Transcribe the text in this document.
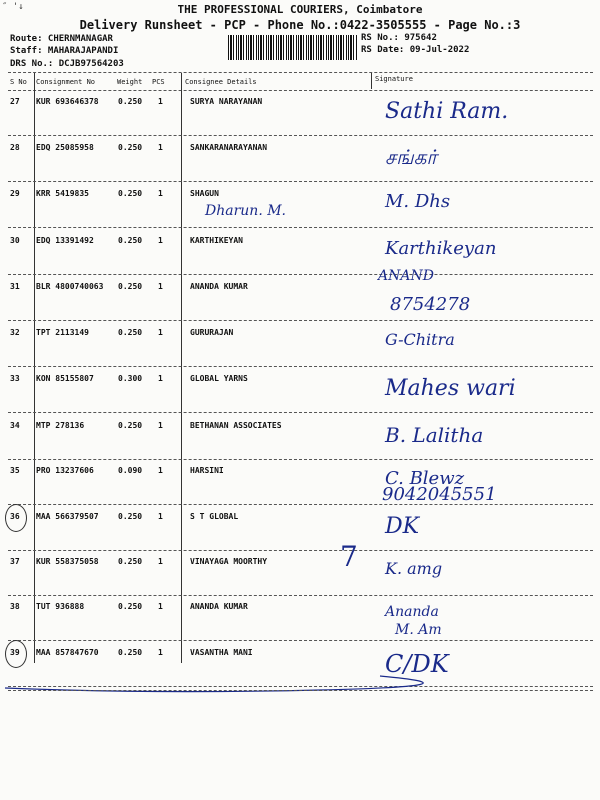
″ '↓	THE PROFESSIONAL COURIERS, Coimbatore
Delivery Runsheet - PCP - Phone No.:0422-3505555 - Page No.:3
Route: CHERNMANAGAR
Staff: MAHARAJAPANDI
DRS No.: DCJB97564203
RS No.: 975642
RS Date: 09-Jul-2022
S No Consignment No	Weight PCS	Consignee Details	Signature
27 KUR 693646378 0.250 1	SURYA NARAYANAN	Sathi Ram.
28 EDQ 25085958	0.250 1	SANKARANARAYANAN	சங்கர்
29 KRR 5419835	0.250 1	SHAGUN	M. Dhs
Dharun. M.
30 EDQ 13391492	0.250 1	KARTHIKEYAN	Karthikeyan
31 BLR 4800740063 0.250 1	ANANDA KUMAR
ANAND
8754278
32 TPT 2113149	0.250 1	GURURAJAN	G-Chitra
33 KON 85155807	0.300 1	GLOBAL YARNS	Mahes wari
34 MTP 278136	0.250 1	BETHANAN ASSOCIATES	B. Lalitha
35 PRO 13237606	0.090 1	HARSINI	C. Blewz
9042045551
36 MAA 566379507 0.250 1	S T GLOBAL	DK
37 KUR 558375058 0.250 1	VINAYAGA MOORTHY	K. amg
38 TUT 936888	0.250 1	ANANDA KUMAR	Ananda
M. Am
39 MAA 857847670 0.250 1	VASANTHA MANI	C/DK
7
